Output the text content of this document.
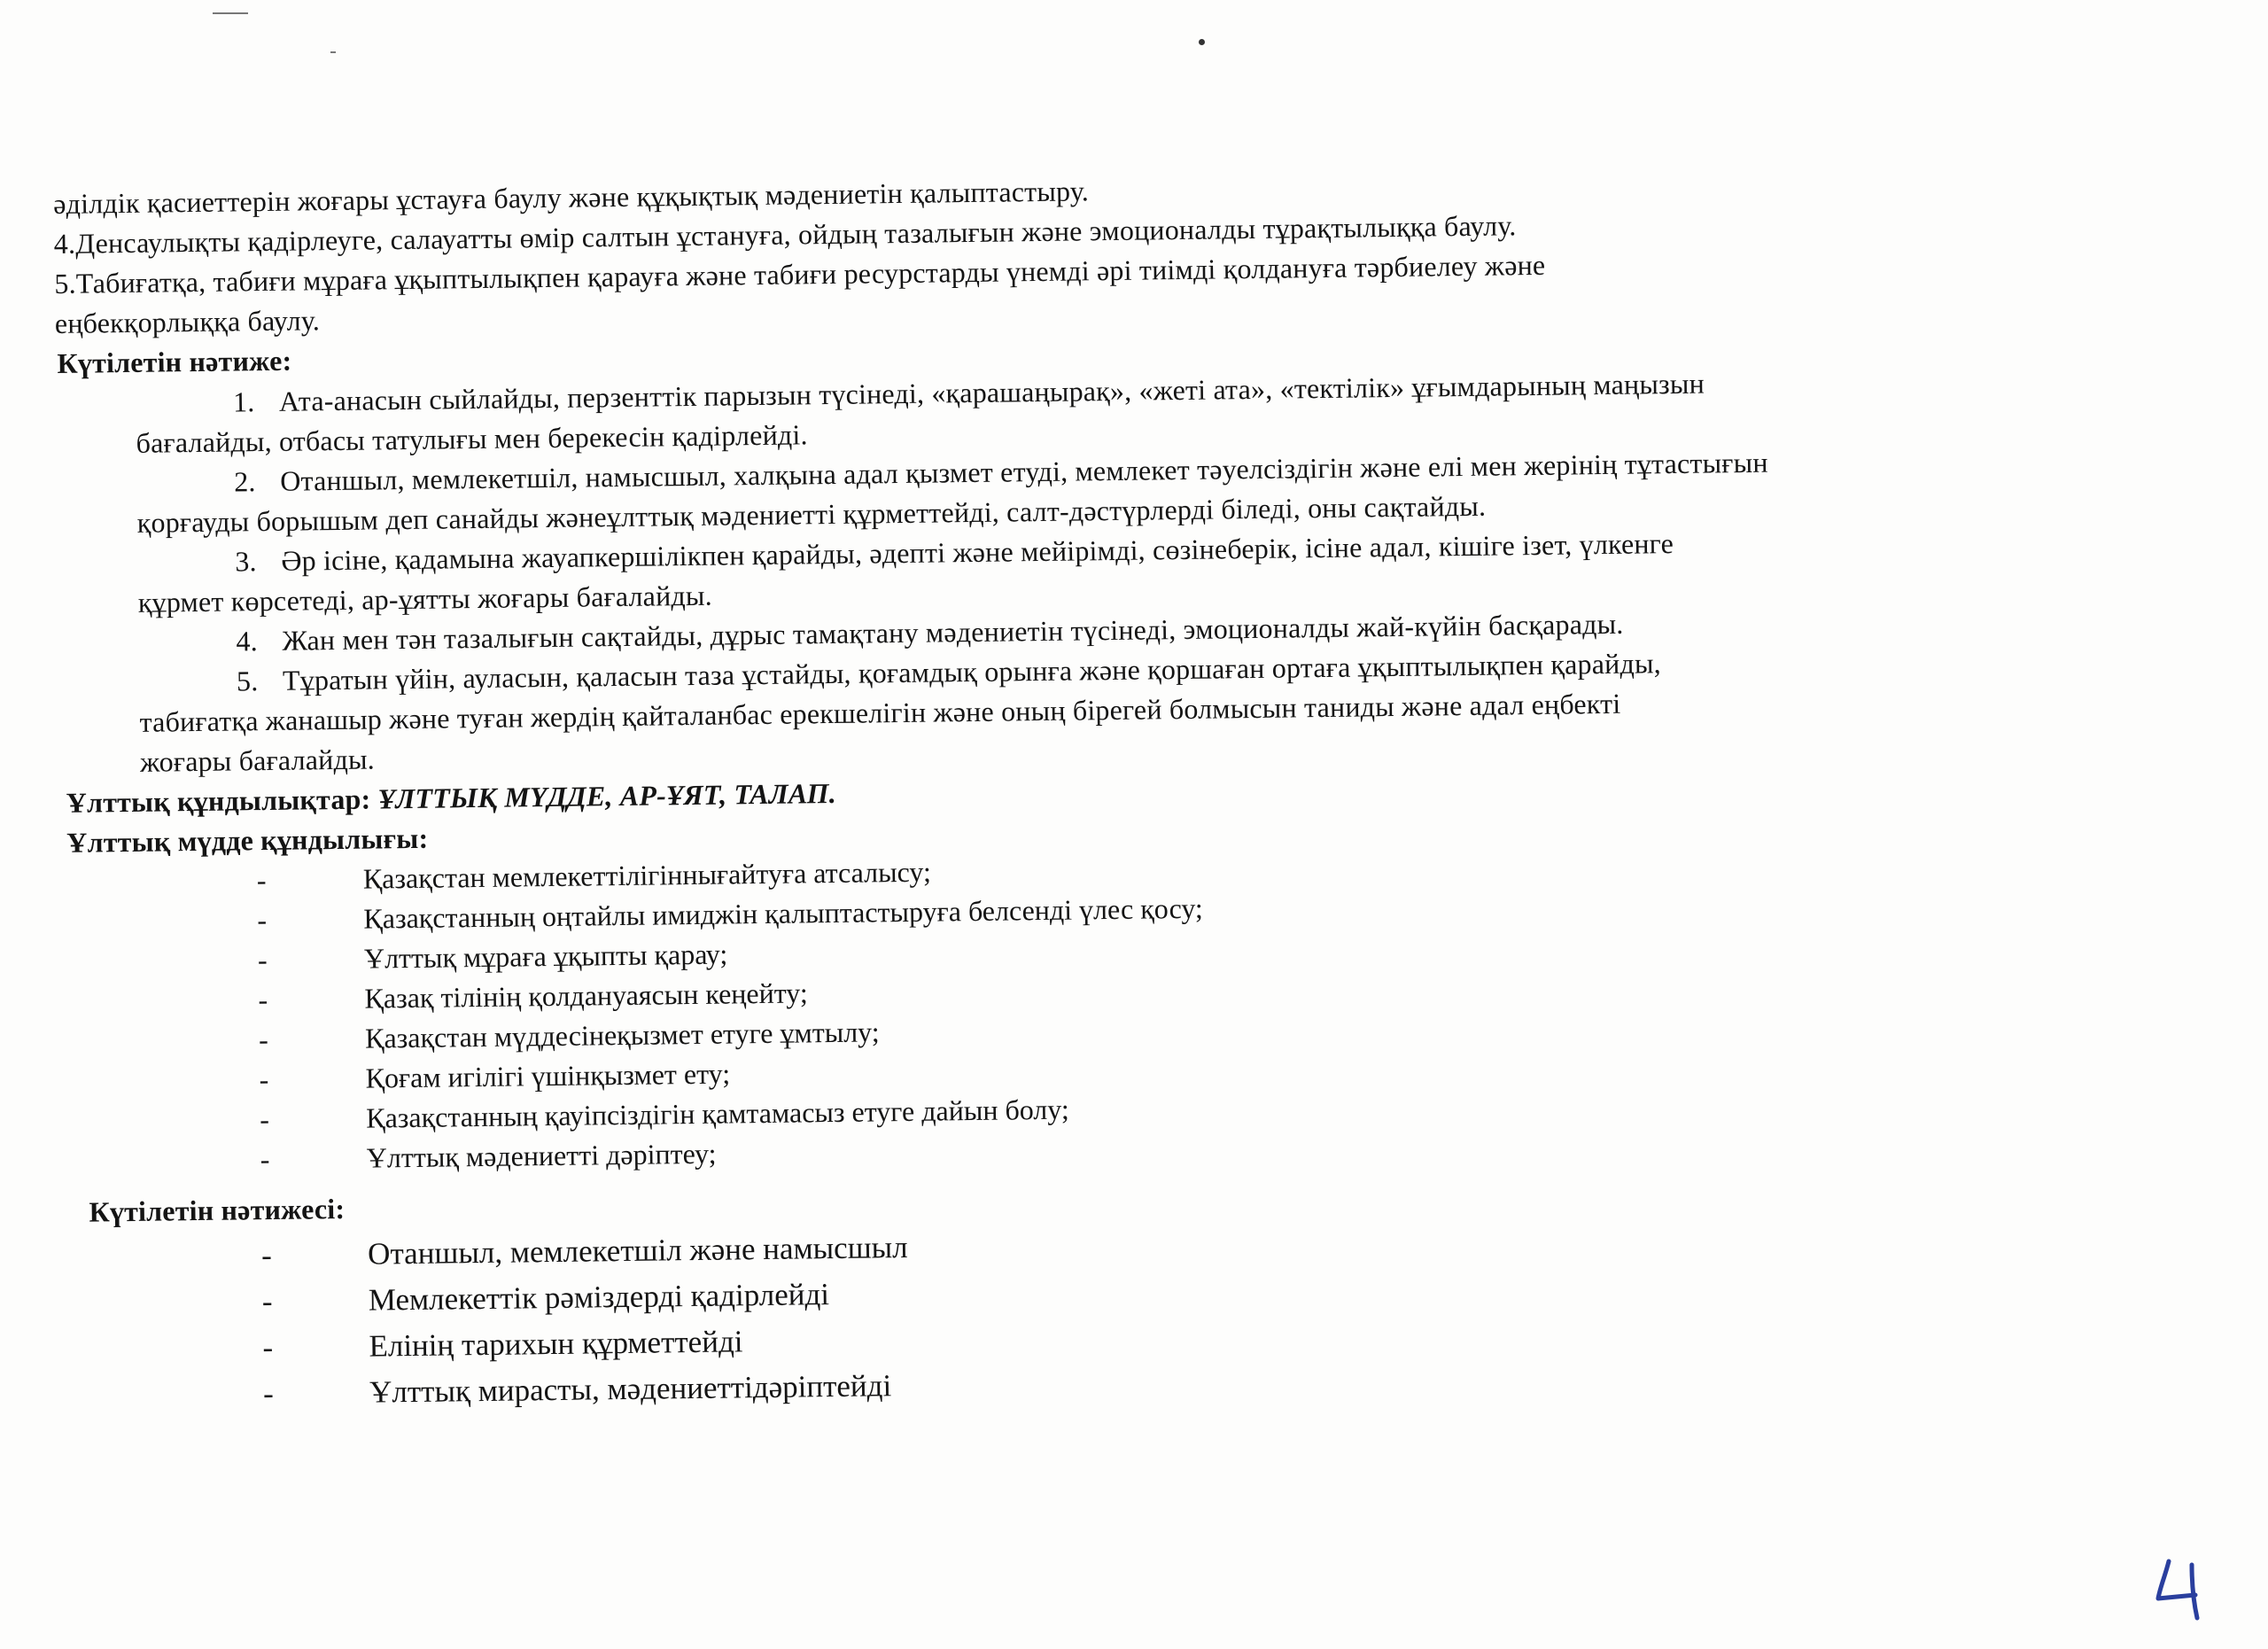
әділдік қасиеттерін жоғары ұстауға баулу және құқықтық мәдениетін қалыптастыру.
4.Денсаулықты қадірлеуге, салауатты өмір салтын ұстануға, ойдың тазалығын және эмоционалды тұрақтылыққа баулу.
5.Табиғатқа, табиғи мұраға ұқыптылықпен қарауға және табиғи ресурстарды үнемді әрі тиімді қолдануға тәрбиелеу және
еңбекқорлыққа баулу.
Күтілетін нәтиже:
1. Ата-анасын сыйлайды, перзенттік парызын түсінеді, «қарашаңырақ», «жеті ата», «тектілік» ұғымдарының маңызын
бағалайды, отбасы татулығы мен берекесін қадірлейді.
2. Отаншыл, мемлекетшіл, намысшыл, халқына адал қызмет етуді, мемлекет тәуелсіздігін және елі мен жерінің тұтастығын
қорғауды борышым деп санайды жәнеұлттық мәдениетті құрметтейді, салт-дәстүрлерді біледі, оны сақтайды.
3. Әр ісіне, қадамына жауапкершілікпен қарайды, әдепті және мейірімді, сөзінеберік, ісіне адал, кішіге ізет, үлкенге
құрмет көрсетеді, ар-ұятты жоғары бағалайды.
4. Жан мен тән тазалығын сақтайды, дұрыс тамақтану мәдениетін түсінеді, эмоционалды жай-күйін басқарады.
5. Тұратын үйін, ауласын, қаласын таза ұстайды, қоғамдық орынға және қоршаған ортаға ұқыптылықпен қарайды,
табиғатқа жанашыр және туған жердің қайталанбас ерекшелігін және оның бірегей болмысын таниды және адал еңбекті
жоғары бағалайды.
Ұлттық құндылықтар: ҰЛТТЫҚ МҮДДЕ, АР-ҰЯТ, ТАЛАП.
Ұлттық мүдде құндылығы:
-	Қазақстан мемлекеттілігіннығайтуға атсалысу;
-	Қазақстанның оңтайлы имиджін қалыптастыруға белсенді үлес қосу;
-	Ұлттық мұраға ұқыпты қарау;
-	Қазақ тілінің қолдануаясын кеңейту;
-	Қазақстан мүддесінеқызмет етуге ұмтылу;
-	Қоғам игілігі үшінқызмет ету;
-	Қазақстанның қауіпсіздігін қамтамасыз етуге дайын болу;
-	Ұлттық мәдениетті дәріптеу;
Күтілетін нәтижесі:
-	Отаншыл, мемлекетшіл және намысшыл
-	Мемлекеттік рәміздерді қадірлейді
-	Елінің тарихын құрметтейді
-	Ұлттық мирасты, мәдениеттідәріптейді
